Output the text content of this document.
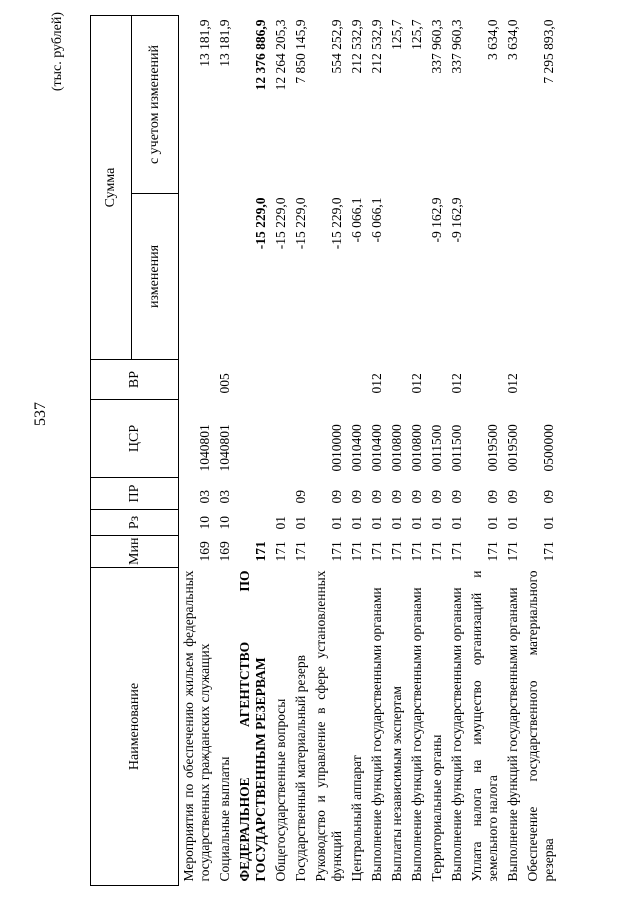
537
(тыс. рублей)
Наименование	Мин	Рз	ПР	ЦСР	ВР	Сумма	
						изменения	с учетом изменений
Мероприятия по обеспечению жильем федеральных государственных гражданских служащих	169	10	03	1040801			13 181,9
Социальные выплаты	169	10	03	1040801	005		13 181,9
ФЕДЕРАЛЬНОЕ АГЕНТСТВО ПО ГОСУДАРСТВЕННЫМ РЕЗЕРВАМ	171					-15 229,0	12 376 886,9
Общегосударственные вопросы	171	01				-15 229,0	12 264 205,3
Государственный материальный резерв	171	01	09			-15 229,0	7 850 145,9
Руководство и управление в сфере установленных функций	171	01	09	0010000		-15 229,0	554 252,9
Центральный аппарат	171	01	09	0010400		-6 066,1	212 532,9
Выполнение функций государственными органами	171	01	09	0010400	012	-6 066,1	212 532,9
Выплаты независимым экспертам	171	01	09	0010800			125,7
Выполнение функций государственными органами	171	01	09	0010800	012		125,7
Территориальные органы	171	01	09	0011500		-9 162,9	337 960,3
Выполнение функций государственными органами	171	01	09	0011500	012	-9 162,9	337 960,3
Уплата налога на имущество организаций и земельного налога	171	01	09	0019500			3 634,0
Выполнение функций государственными органами	171	01	09	0019500	012		3 634,0
Обеспечение государственного материального резерва	171	01	09	0500000			7 295 893,0
